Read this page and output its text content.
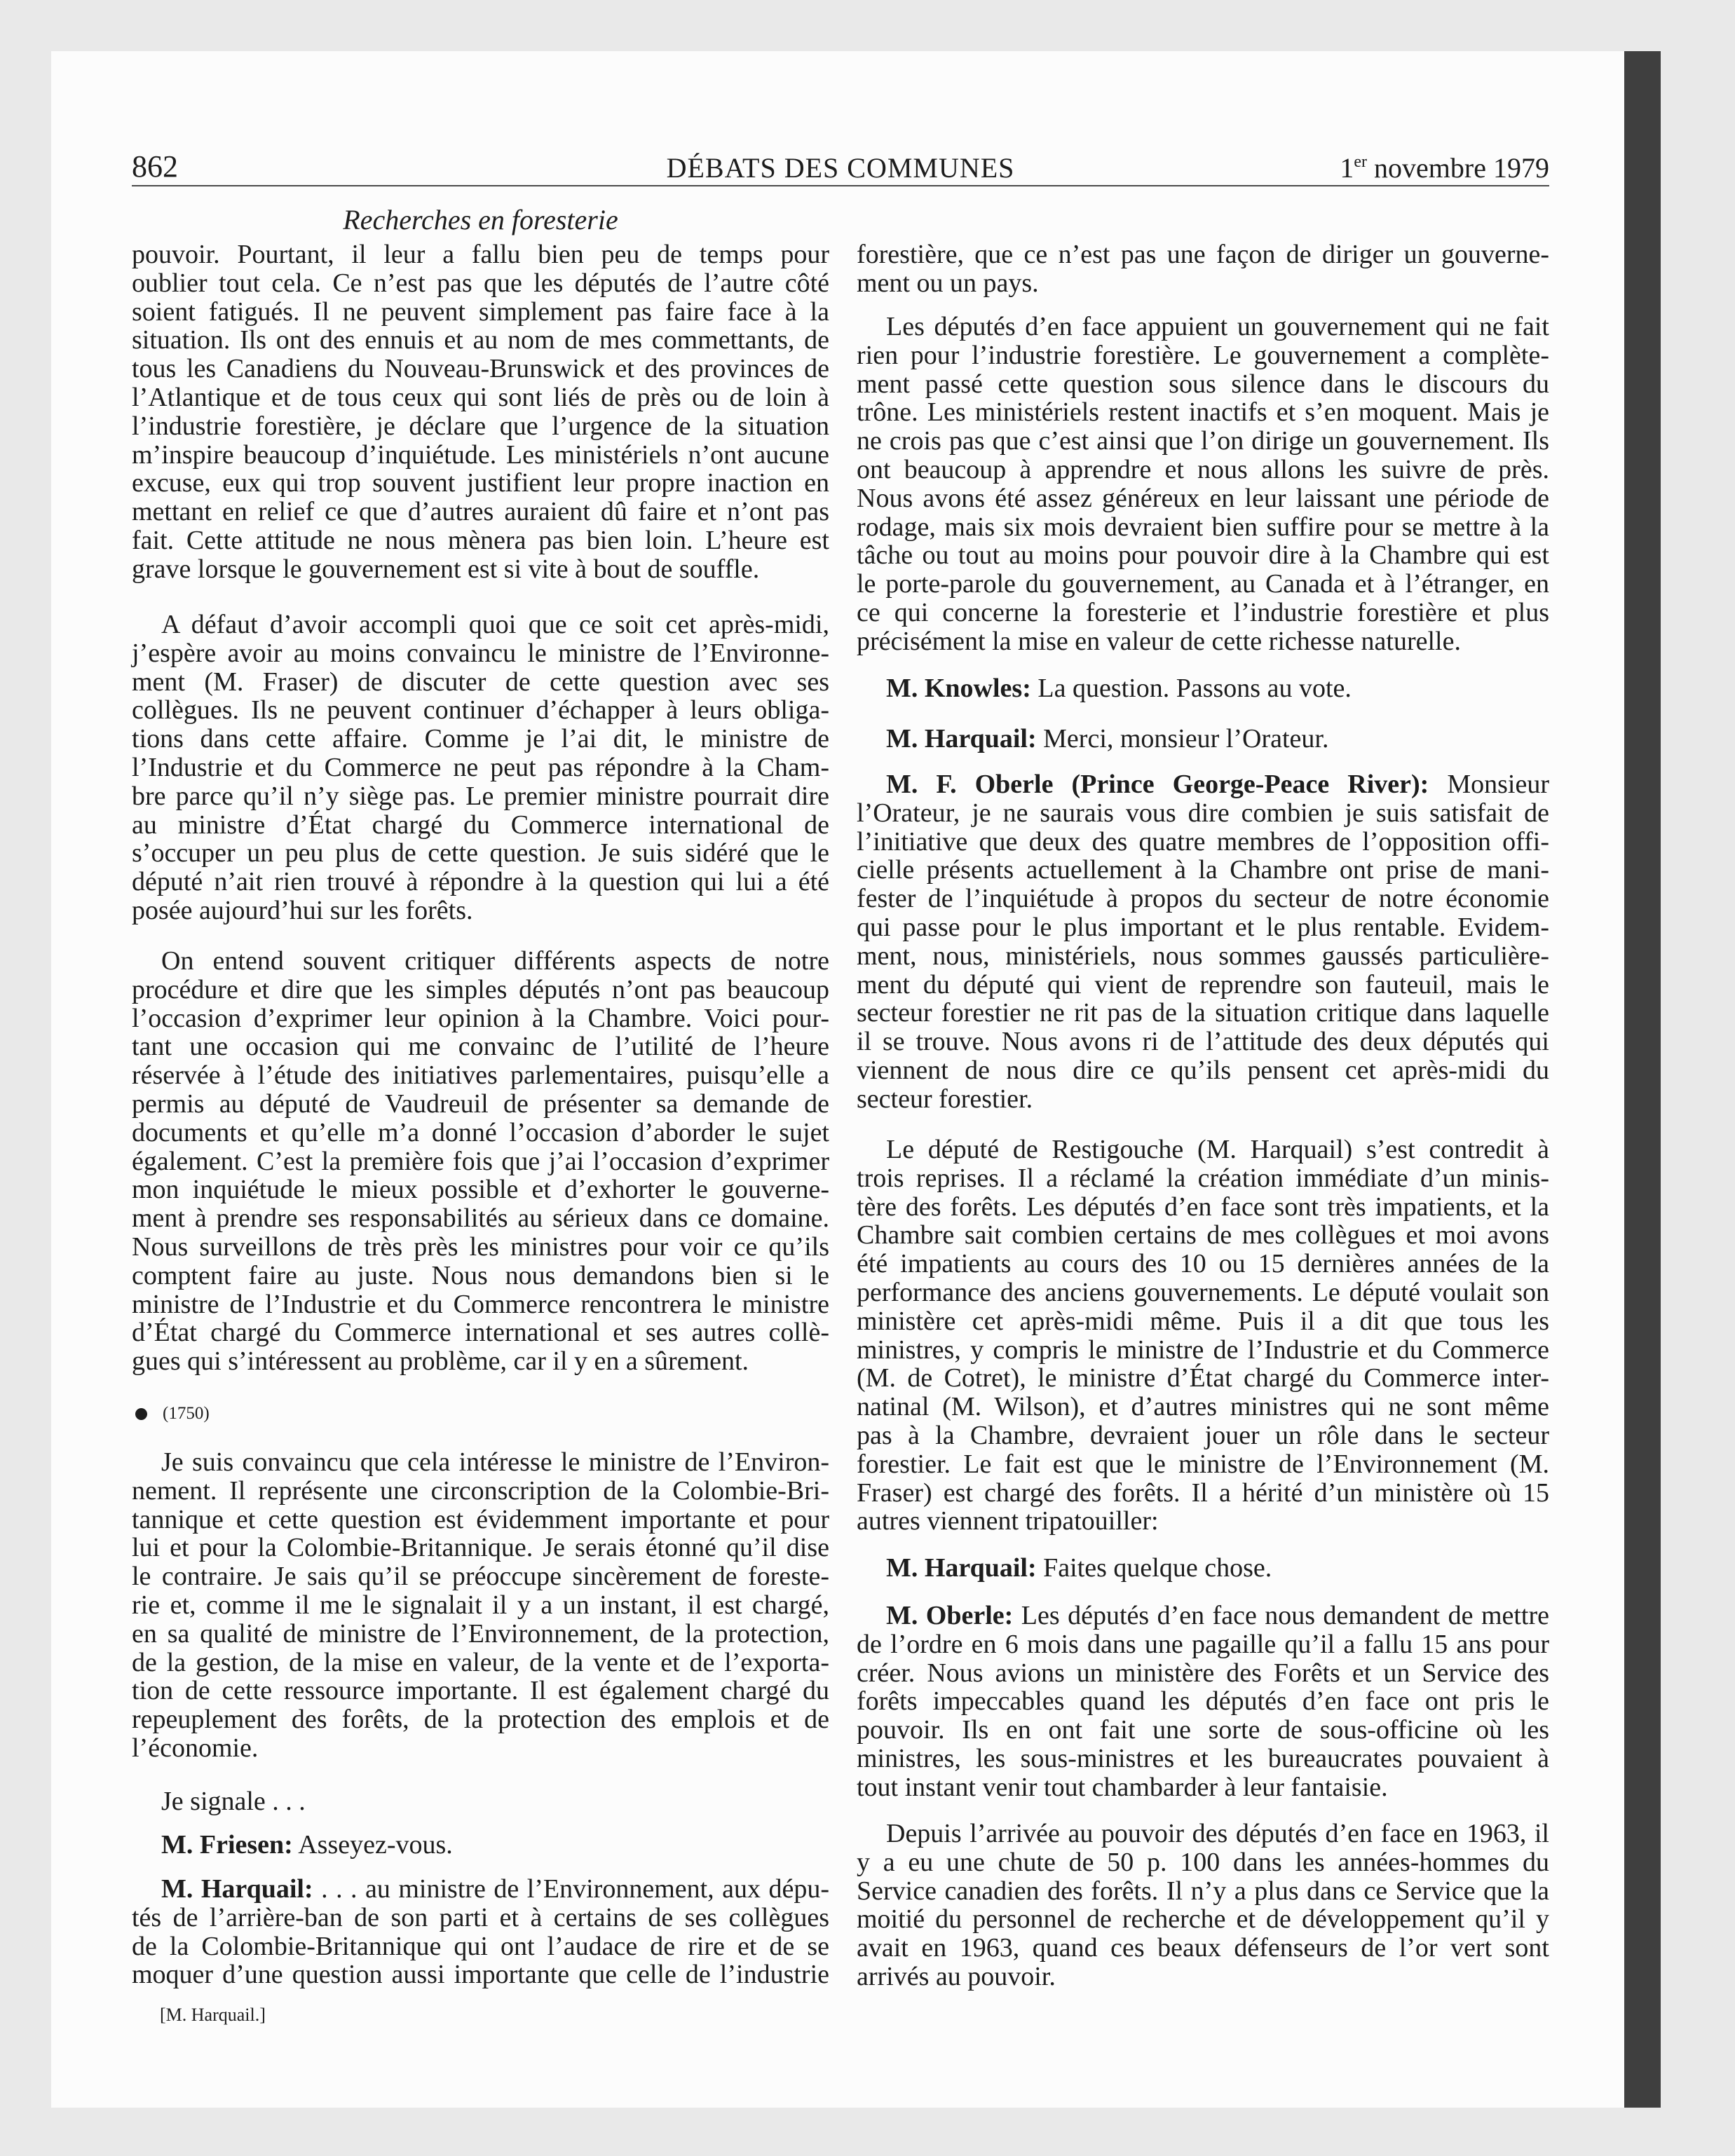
862	DÉBATS DES COMMUNES	1er novembre 1979
Recherches en foresterie
pouvoir. Pourtant, il leur a fallu bien peu de temps pour
oublier tout cela. Ce n’est pas que les députés de l’autre côté
soient fatigués. Il ne peuvent simplement pas faire face à la
situation. Ils ont des ennuis et au nom de mes commettants, de
tous les Canadiens du Nouveau-Brunswick et des provinces de
l’Atlantique et de tous ceux qui sont liés de près ou de loin à
l’industrie forestière, je déclare que l’urgence de la situation
m’inspire beaucoup d’inquiétude. Les ministériels n’ont aucune
excuse, eux qui trop souvent justifient leur propre inaction en
mettant en relief ce que d’autres auraient dû faire et n’ont pas
fait. Cette attitude ne nous mènera pas bien loin. L’heure est
grave lorsque le gouvernement est si vite à bout de souffle.
A défaut d’avoir accompli quoi que ce soit cet après-midi,
j’espère avoir au moins convaincu le ministre de l’Environne-
ment (M. Fraser) de discuter de cette question avec ses
collègues. Ils ne peuvent continuer d’échapper à leurs obliga-
tions dans cette affaire. Comme je l’ai dit, le ministre de
l’Industrie et du Commerce ne peut pas répondre à la Cham-
bre parce qu’il n’y siège pas. Le premier ministre pourrait dire
au ministre d’État chargé du Commerce international de
s’occuper un peu plus de cette question. Je suis sidéré que le
député n’ait rien trouvé à répondre à la question qui lui a été
posée aujourd’hui sur les forêts.
On entend souvent critiquer différents aspects de notre
procédure et dire que les simples députés n’ont pas beaucoup
l’occasion d’exprimer leur opinion à la Chambre. Voici pour-
tant une occasion qui me convainc de l’utilité de l’heure
réservée à l’étude des initiatives parlementaires, puisqu’elle a
permis au député de Vaudreuil de présenter sa demande de
documents et qu’elle m’a donné l’occasion d’aborder le sujet
également. C’est la première fois que j’ai l’occasion d’exprimer
mon inquiétude le mieux possible et d’exhorter le gouverne-
ment à prendre ses responsabilités au sérieux dans ce domaine.
Nous surveillons de très près les ministres pour voir ce qu’ils
comptent faire au juste. Nous nous demandons bien si le
ministre de l’Industrie et du Commerce rencontrera le ministre
d’État chargé du Commerce international et ses autres collè-
gues qui s’intéressent au problème, car il y en a sûrement.
Je suis convaincu que cela intéresse le ministre de l’Environ-
nement. Il représente une circonscription de la Colombie-Bri-
tannique et cette question est évidemment importante et pour
lui et pour la Colombie-Britannique. Je serais étonné qu’il dise
le contraire. Je sais qu’il se préoccupe sincèrement de foreste-
rie et, comme il me le signalait il y a un instant, il est chargé,
en sa qualité de ministre de l’Environnement, de la protection,
de la gestion, de la mise en valeur, de la vente et de l’exporta-
tion de cette ressource importante. Il est également chargé du
repeuplement des forêts, de la protection des emplois et de
l’économie.
Je signale . . .
M. Friesen: Asseyez-vous.
M. Harquail: . . . au ministre de l’Environnement, aux dépu-
tés de l’arrière-ban de son parti et à certains de ses collègues
de la Colombie-Britannique qui ont l’audace de rire et de se
moquer d’une question aussi importante que celle de l’industrie
forestière, que ce n’est pas une façon de diriger un gouverne-
ment ou un pays.
Les députés d’en face appuient un gouvernement qui ne fait
rien pour l’industrie forestière. Le gouvernement a complète-
ment passé cette question sous silence dans le discours du
trône. Les ministériels restent inactifs et s’en moquent. Mais je
ne crois pas que c’est ainsi que l’on dirige un gouvernement. Ils
ont beaucoup à apprendre et nous allons les suivre de près.
Nous avons été assez généreux en leur laissant une période de
rodage, mais six mois devraient bien suffire pour se mettre à la
tâche ou tout au moins pour pouvoir dire à la Chambre qui est
le porte-parole du gouvernement, au Canada et à l’étranger, en
ce qui concerne la foresterie et l’industrie forestière et plus
précisément la mise en valeur de cette richesse naturelle.
M. Knowles: La question. Passons au vote.
M. Harquail: Merci, monsieur l’Orateur.
M. F. Oberle (Prince George-Peace River): Monsieur
l’Orateur, je ne saurais vous dire combien je suis satisfait de
l’initiative que deux des quatre membres de l’opposition offi-
cielle présents actuellement à la Chambre ont prise de mani-
fester de l’inquiétude à propos du secteur de notre économie
qui passe pour le plus important et le plus rentable. Evidem-
ment, nous, ministériels, nous sommes gaussés particulière-
ment du député qui vient de reprendre son fauteuil, mais le
secteur forestier ne rit pas de la situation critique dans laquelle
il se trouve. Nous avons ri de l’attitude des deux députés qui
viennent de nous dire ce qu’ils pensent cet après-midi du
secteur forestier.
Le député de Restigouche (M. Harquail) s’est contredit à
trois reprises. Il a réclamé la création immédiate d’un minis-
tère des forêts. Les députés d’en face sont très impatients, et la
Chambre sait combien certains de mes collègues et moi avons
été impatients au cours des 10 ou 15 dernières années de la
performance des anciens gouvernements. Le député voulait son
ministère cet après-midi même. Puis il a dit que tous les
ministres, y compris le ministre de l’Industrie et du Commerce
(M. de Cotret), le ministre d’État chargé du Commerce inter-
natinal (M. Wilson), et d’autres ministres qui ne sont même
pas à la Chambre, devraient jouer un rôle dans le secteur
forestier. Le fait est que le ministre de l’Environnement (M.
Fraser) est chargé des forêts. Il a hérité d’un ministère où 15
autres viennent tripatouiller:
M. Harquail: Faites quelque chose.
M. Oberle: Les députés d’en face nous demandent de mettre
de l’ordre en 6 mois dans une pagaille qu’il a fallu 15 ans pour
créer. Nous avions un ministère des Forêts et un Service des
forêts impeccables quand les députés d’en face ont pris le
pouvoir. Ils en ont fait une sorte de sous-officine où les
ministres, les sous-ministres et les bureaucrates pouvaient à
tout instant venir tout chambarder à leur fantaisie.
Depuis l’arrivée au pouvoir des députés d’en face en 1963, il
y a eu une chute de 50 p. 100 dans les années-hommes du
Service canadien des forêts. Il n’y a plus dans ce Service que la
moitié du personnel de recherche et de développement qu’il y
avait en 1963, quand ces beaux défenseurs de l’or vert sont
arrivés au pouvoir.
(1750)
[M. Harquail.]
